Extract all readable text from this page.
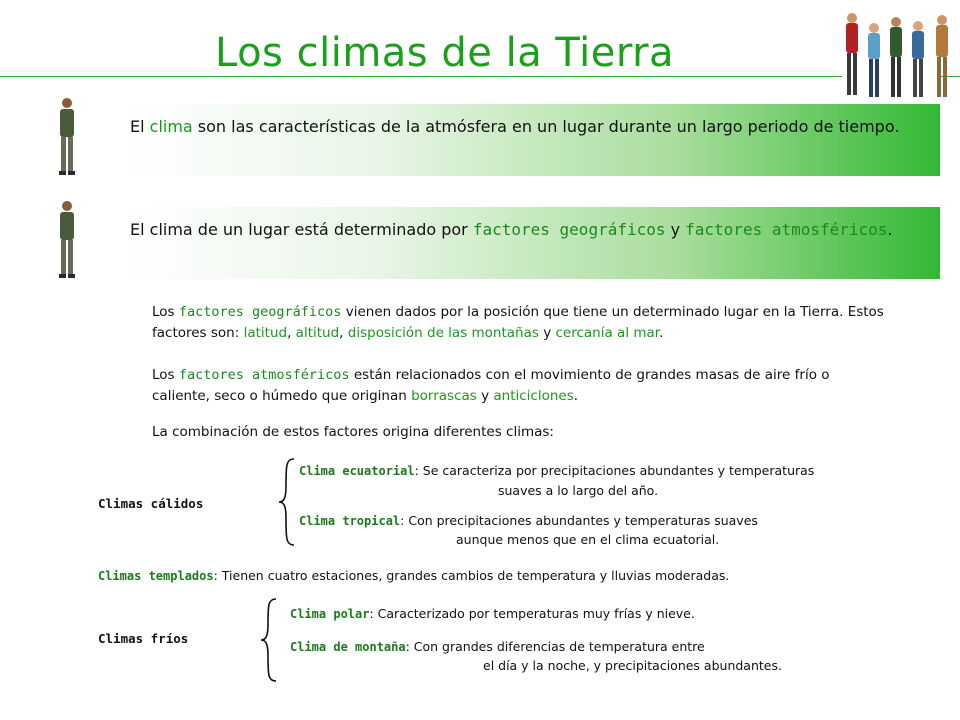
Los climas de la Tierra
El clima son las características de la atmósfera en un lugar durante un largo periodo de tiempo.
El clima de un lugar está determinado por factores geográficos y factores atmosféricos.
Los factores geográficos vienen dados por la posición que tiene un determinado lugar en la Tierra. Estos factores son: latitud, altitud, disposición de las montañas y cercanía al mar.
Los factores atmosféricos están relacionados con el movimiento de grandes masas de aire frío o caliente, seco o húmedo que originan borrascas y anticiclones.
La combinación de estos factores origina diferentes climas:
Climas cálidos
Clima ecuatorial: Se caracteriza por precipitaciones abundantes y temperaturas
suaves a lo largo del año.
Clima tropical: Con precipitaciones abundantes y temperaturas suaves
aunque menos que en el clima ecuatorial.
Climas templados: Tienen cuatro estaciones, grandes cambios de temperatura y lluvias moderadas.
Climas fríos
Clima polar: Caracterizado por temperaturas muy frías y nieve.
Clima de montaña: Con grandes diferencias de temperatura entre
el día y la noche, y precipitaciones abundantes.
